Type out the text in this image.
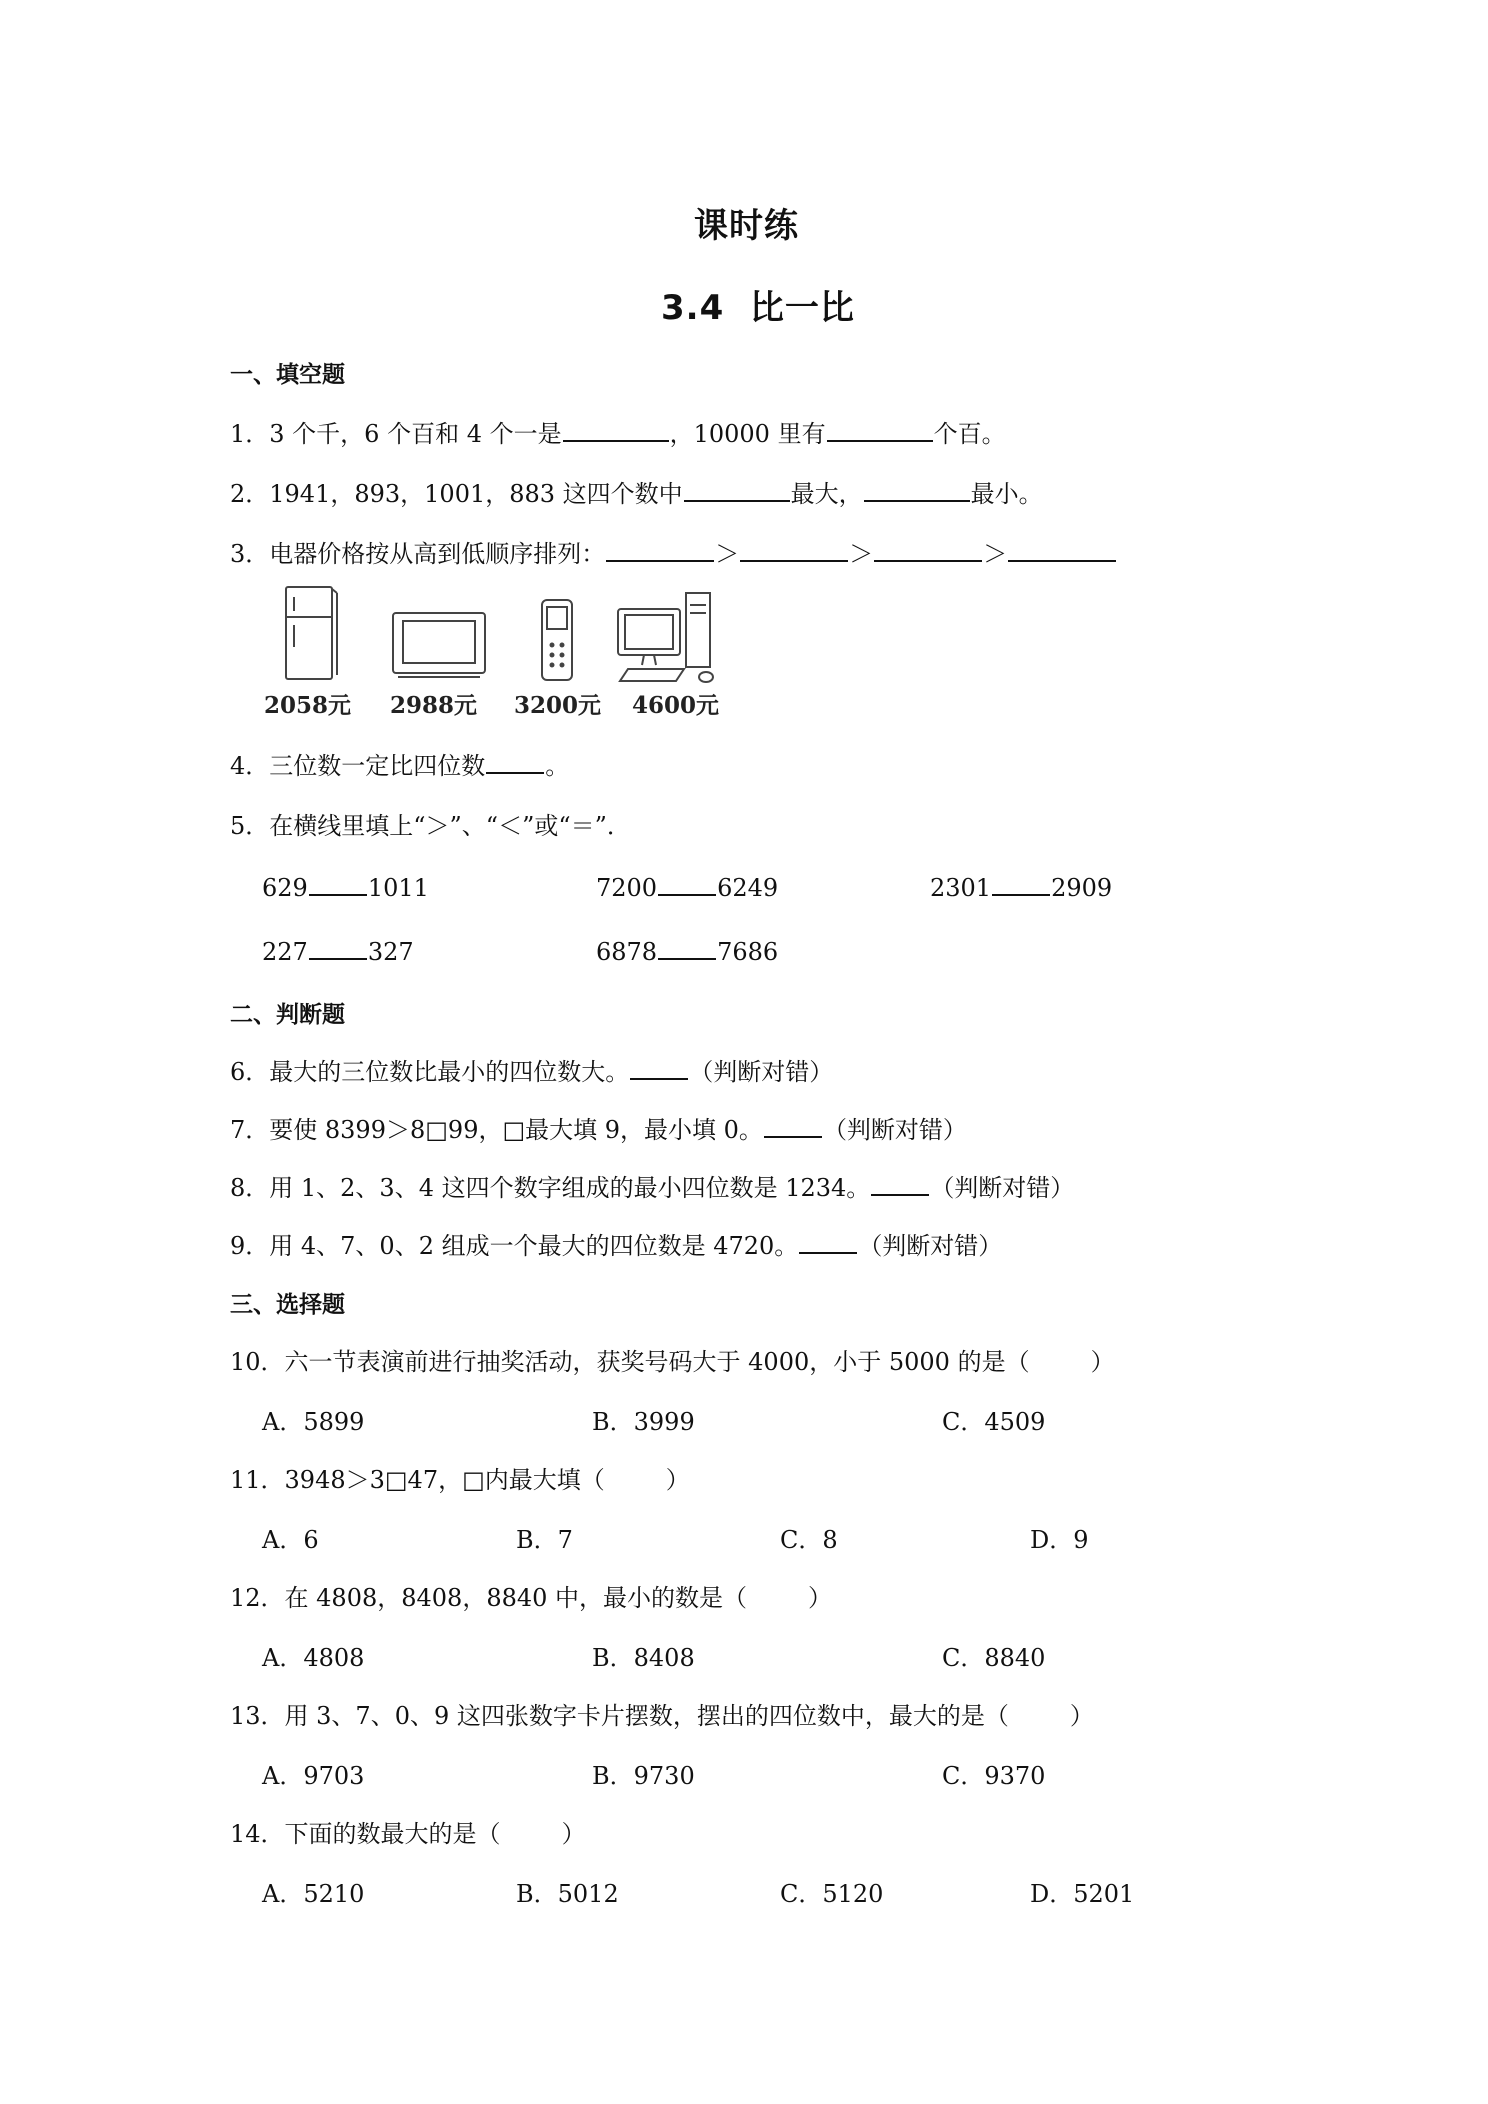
课时练
3.4  比一比
一、填空题
1．3 个千，6 个百和 4 个一是	，10000 里有	个百。
2．1941，893，1001，883 这四个数中	最大，	最小。
3．电器价格按从高到低顺序排列：	＞	＞	＞
2058元 2988元 3200元 4600元
4．三位数一定比四位数	。
5．在横线里填上“＞”、“＜”或“＝”．
629	1011	7200	6249	2301	2909
227	327	6878	7686
二、判断题
6．最大的三位数比最小的四位数大。	（判断对错）
7．要使 8399＞8□99，□最大填 9，最小填 0。	（判断对错）
8．用 1、2、3、4 这四个数字组成的最小四位数是 1234。	（判断对错）
9．用 4、7、0、2 组成一个最大的四位数是 4720。	（判断对错）
三、选择题
10．六一节表演前进行抽奖活动，获奖号码大于 4000，小于 5000 的是（        ）
A．5899	B．3999	C．4509
11．3948＞3□47，□内最大填（        ）
A．6	B．7	C．8	D．9
12．在 4808，8408，8840 中，最小的数是（        ）
A．4808	B．8408	C．8840
13．用 3、7、0、9 这四张数字卡片摆数，摆出的四位数中，最大的是（        ）
A．9703	B．9730	C．9370
14．下面的数最大的是（        ）
A．5210	B．5012	C．5120	D．5201
